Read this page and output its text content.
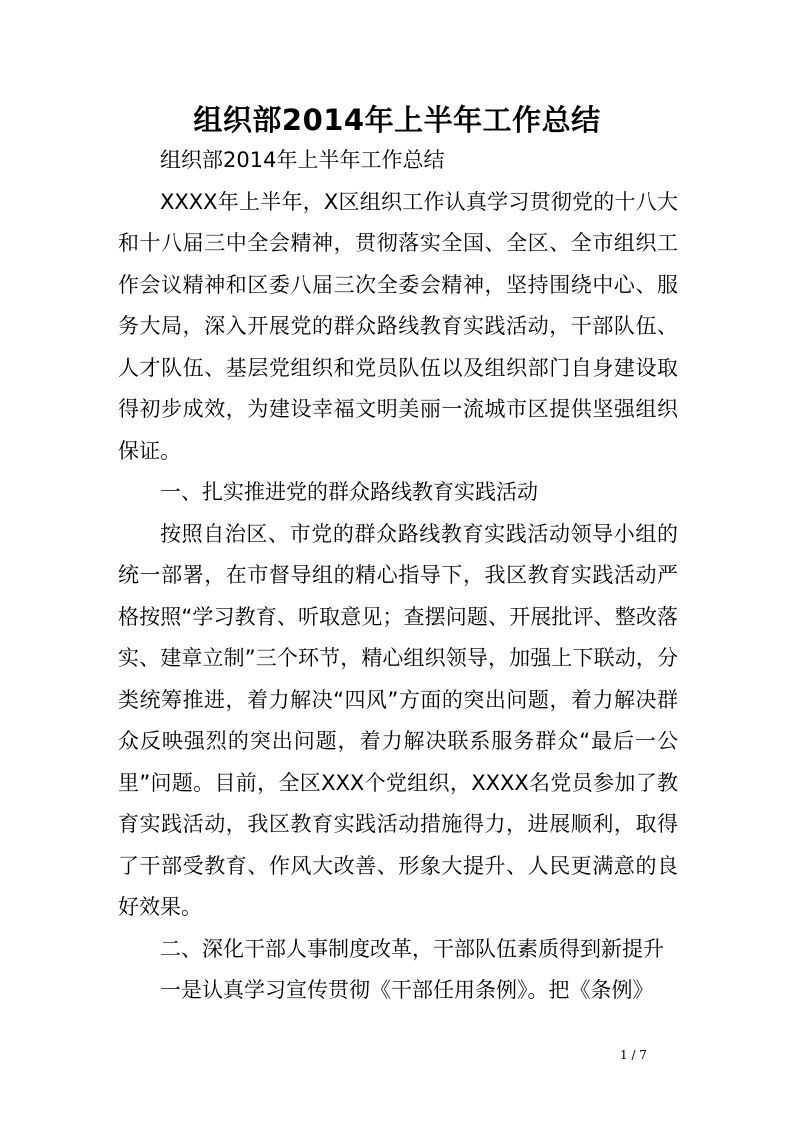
组织部2014年上半年工作总结

组织部2014年上半年工作总结

XXXX年上半年，X区组织工作认真学习贯彻党的十八大和十八届三中全会精神，贯彻落实全国、全区、全市组织工作会议精神和区委八届三次全委会精神，坚持围绕中心、服务大局，深入开展党的群众路线教育实践活动，干部队伍、人才队伍、基层党组织和党员队伍以及组织部门自身建设取得初步成效，为建设幸福文明美丽一流城市区提供坚强组织保证。

一、扎实推进党的群众路线教育实践活动

按照自治区、市党的群众路线教育实践活动领导小组的统一部署，在市督导组的精心指导下，我区教育实践活动严格按照“学习教育、听取意见；查摆问题、开展批评、整改落实、建章立制”三个环节，精心组织领导，加强上下联动，分类统筹推进，着力解决“四风”方面的突出问题，着力解决群众反映强烈的突出问题，着力解决联系服务群众“最后一公里”问题。目前，全区XXX个党组织，XXXX名党员参加了教育实践活动，我区教育实践活动措施得力，进展顺利，取得了干部受教育、作风大改善、形象大提升、人民更满意的良好效果。

二、深化干部人事制度改革，干部队伍素质得到新提升

一是认真学习宣传贯彻《干部任用条例》。把《条例》

1 / 7
